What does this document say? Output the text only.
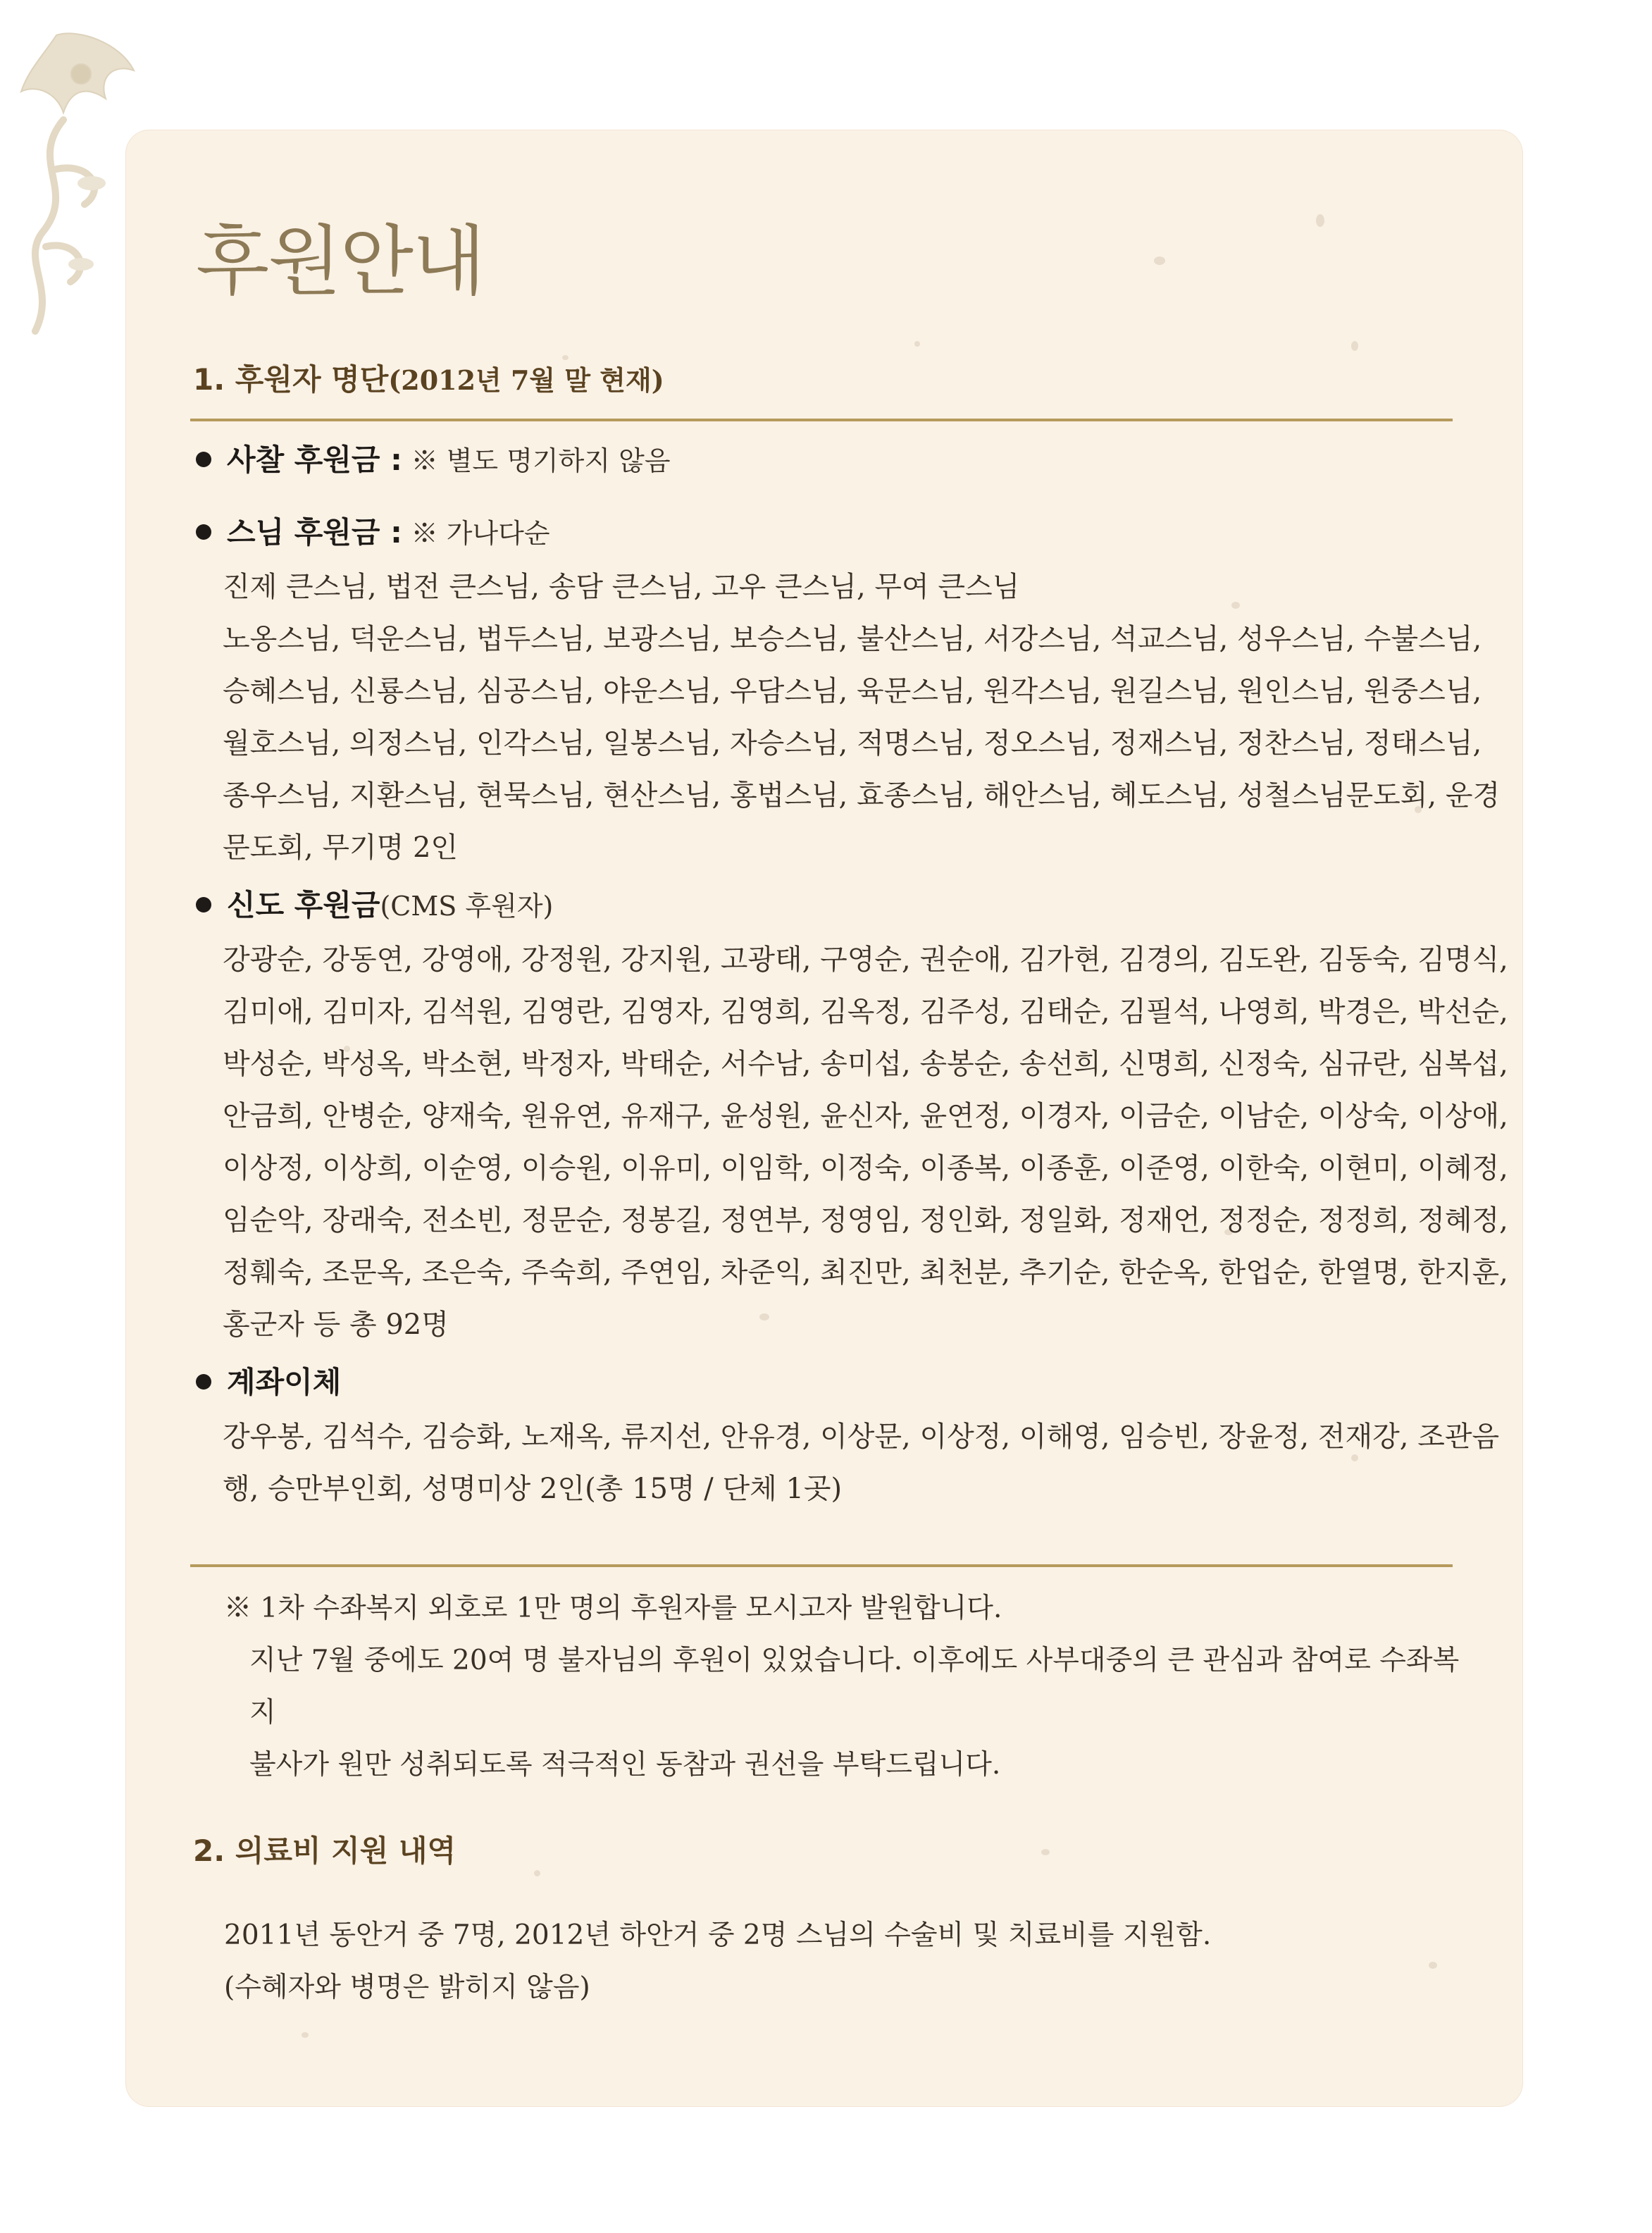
후원안내
1. 후원자 명단(2012년 7월 말 현재)
사찰 후원금 : ※ 별도 명기하지 않음
스님 후원금 : ※ 가나다순

진제 큰스님, 법전 큰스님, 송담 큰스님, 고우 큰스님, 무여 큰스님
노옹스님, 덕운스님, 법두스님, 보광스님, 보승스님, 불산스님, 서강스님, 석교스님, 성우스님, 수불스님,
승혜스님, 신룡스님, 심공스님, 야운스님, 우담스님, 육문스님, 원각스님, 원길스님, 원인스님, 원중스님,
월호스님, 의정스님, 인각스님, 일봉스님, 자승스님, 적명스님, 정오스님, 정재스님, 정찬스님, 정태스님,
종우스님, 지환스님, 현묵스님, 현산스님, 홍법스님, 효종스님, 해안스님, 혜도스님, 성철스님문도회, 운경
문도회, 무기명 2인

신도 후원금(CMS 후원자)

강광순, 강동연, 강영애, 강정원, 강지원, 고광태, 구영순, 권순애, 김가현, 김경의, 김도완, 김동숙, 김명식,
김미애, 김미자, 김석원, 김영란, 김영자, 김영희, 김옥정, 김주성, 김태순, 김필석, 나영희, 박경은, 박선순,
박성순, 박성옥, 박소현, 박정자, 박태순, 서수남, 송미섭, 송봉순, 송선희, 신명희, 신정숙, 심규란, 심복섭,
안금희, 안병순, 양재숙, 원유연, 유재구, 윤성원, 윤신자, 윤연정, 이경자, 이금순, 이남순, 이상숙, 이상애,
이상정, 이상희, 이순영, 이승원, 이유미, 이임학, 이정숙, 이종복, 이종훈, 이준영, 이한숙, 이현미, 이혜정,
임순악, 장래숙, 전소빈, 정문순, 정봉길, 정연부, 정영임, 정인화, 정일화, 정재언, 정정순, 정정희, 정혜정,
정훼숙, 조문옥, 조은숙, 주숙희, 주연임, 차준익, 최진만, 최천분, 추기순, 한순옥, 한업순, 한열명, 한지훈,
홍군자 등 총 92명

계좌이체

강우봉, 김석수, 김승화, 노재옥, 류지선, 안유경, 이상문, 이상정, 이해영, 임승빈, 장윤정, 전재강, 조관음
행, 승만부인회, 성명미상 2인(총 15명 / 단체 1곳)

※ 1차 수좌복지 외호로 1만 명의 후원자를 모시고자 발원합니다.
지난 7월 중에도 20여 명 불자님의 후원이 있었습니다. 이후에도 사부대중의 큰 관심과 참여로 수좌복지
불사가 원만 성취되도록 적극적인 동참과 권선을 부탁드립니다.
2. 의료비 지원 내역
2011년 동안거 중 7명, 2012년 하안거 중 2명 스님의 수술비 및 치료비를 지원함.
(수혜자와 병명은 밝히지 않음)
